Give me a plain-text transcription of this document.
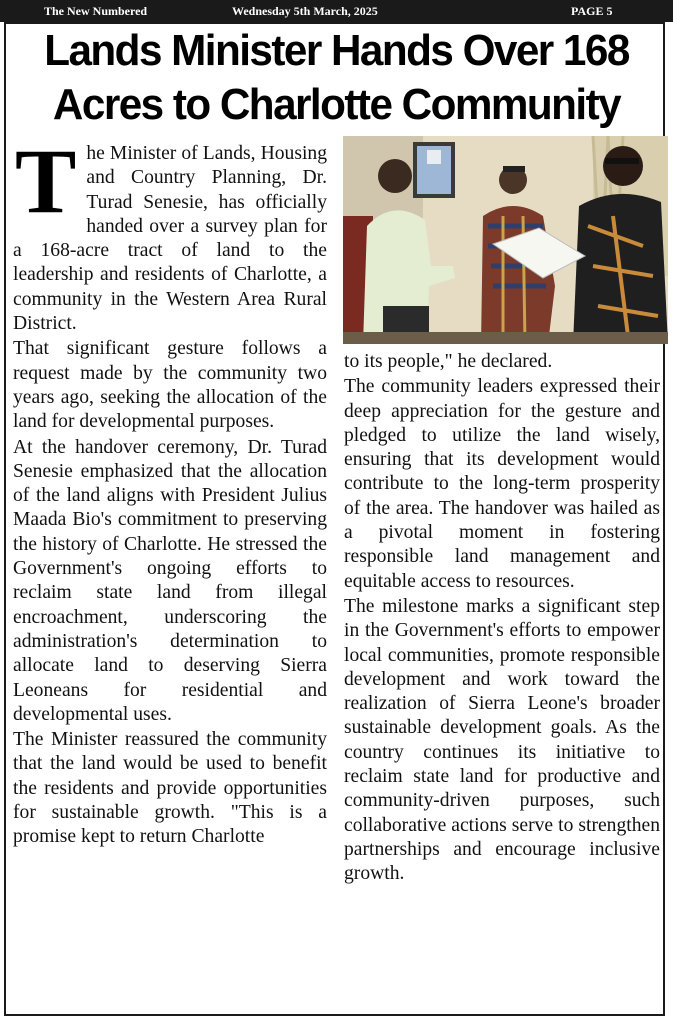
The New Numbered	Wednesday 5th March, 2025	PAGE 5
Lands Minister Hands Over 168 Acres to Charlotte Community

The Minister of Lands, Housing and Country Planning, Dr. Turad Senesie, has officially handed over a survey plan for a 168-acre tract of land to the leadership and residents of Charlotte, a community in the Western Area Rural District.

That significant gesture follows a request made by the community two years ago, seeking the allocation of the land for developmental purposes.

At the handover ceremony, Dr. Turad Senesie emphasized that the allocation of the land aligns with President Julius Maada Bio's commitment to preserving the history of Charlotte. He stressed the Government's ongoing efforts to reclaim state land from illegal encroachment, underscoring the administration's determination to allocate land to deserving Sierra Leoneans for residential and developmental uses.

The Minister reassured the community that the land would be used to benefit the residents and provide opportunities for sustainable growth. "This is a promise kept to return Charlotte

to its people," he declared.

The community leaders expressed their deep appreciation for the gesture and pledged to utilize the land wisely, ensuring that its development would contribute to the long-term prosperity of the area. The handover was hailed as a pivotal moment in fostering responsible land management and equitable access to resources.

The milestone marks a significant step in the Government's efforts to empower local communities, promote responsible development and work toward the realization of Sierra Leone's broader sustainable development goals. As the country continues its initiative to reclaim state land for productive and community-driven purposes, such collaborative actions serve to strengthen partnerships and encourage inclusive growth.
